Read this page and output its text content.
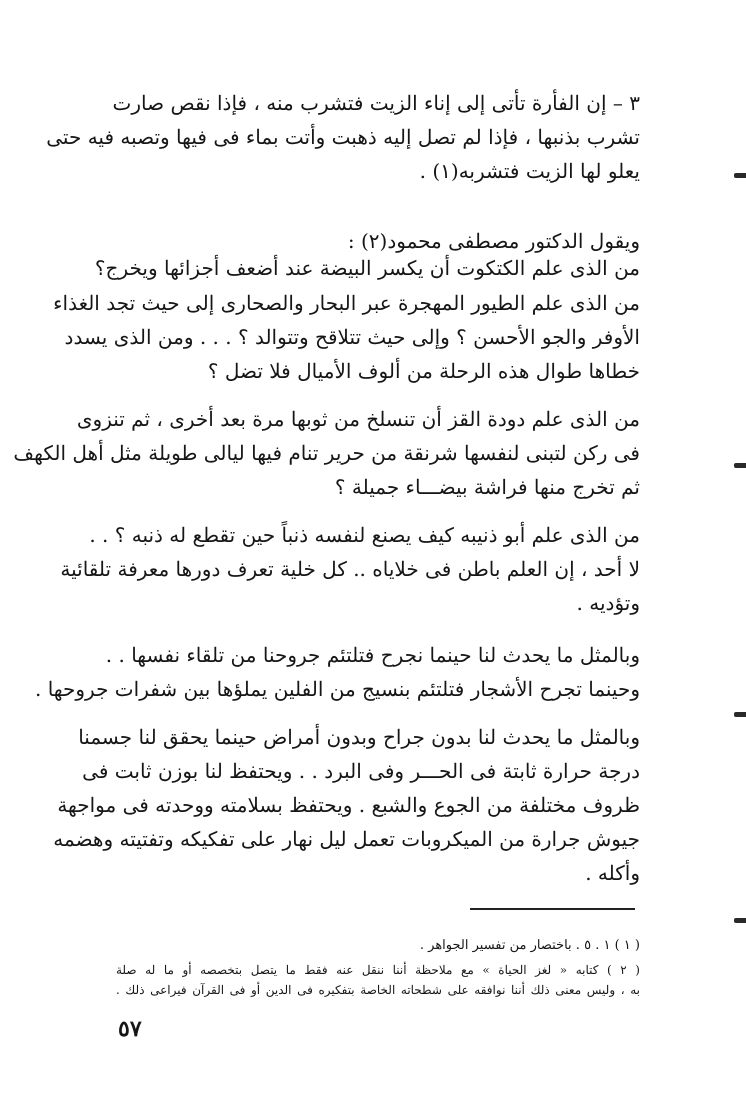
٣ – إن الفأرة تأتى إلى إناء الزيت فتشرب منه ، فإذا نقص صارت
تشرب بذنبها ، فإذا لم تصل إليه ذهبت وأتت بماء فى فيها وتصبه فيه حتى
يعلو لها الزيت فتشربه(١) .
ويقول الدكتور مصطفى محمود(٢) :
من الذى علم الكتكوت أن يكسر البيضة عند أضعف أجزائها ويخرج؟
من الذى علم الطيور المهجرة عبر البحار والصحارى إلى حيث تجد الغذاء
الأوفر والجو الأحسن ؟ وإلى حيث تتلاقح وتتوالد ؟ . . . ومن الذى يسدد
خطاها طوال هذه الرحلة من ألوف الأميال فلا تضل ؟
من الذى علم دودة القز أن تنسلخ من ثوبها مرة بعد أخرى ، ثم تنزوى
فى ركن لتبنى لنفسها شرنقة من حرير تنام فيها ليالى طويلة مثل أهل الكهف
ثم تخرج منها فراشة بيضـــاء جميلة ؟
من الذى علم أبو ذنيبه كيف يصنع لنفسه ذنباً حين تقطع له ذنبه ؟ . .
لا أحد ، إن العلم باطن فى خلاياه .. كل خلية تعرف دورها معرفة تلقائية
وتؤديه .
وبالمثل ما يحدث لنا حينما نجرح فتلتئم جروحنا من تلقاء نفسها . .
وحينما تجرح الأشجار فتلتئم بنسيج من الفلين يملؤها بين شفرات جروحها .
وبالمثل ما يحدث لنا بدون جراح وبدون أمراض حينما يحقق لنا جسمنا
درجة حرارة ثابتة فى الحـــر وفى البرد . . ويحتفظ لنا بوزن ثابت فى
ظروف مختلفة من الجوع والشبع . ويحتفظ بسلامته ووحدته فى مواجهة
جيوش جرارة من الميكروبات تعمل ليل نهار على تفكيكه وتفتيته وهضمه
وأكله .
( ١ ) ١ . ٥ . باختصار من تفسير الجواهر .
( ٢ ) كتابه « لغز الحياة » مع ملاحظة أننا ننقل عنه فقط ما يتصل بتخصصه أو ما له صلة
به ، وليس معنى ذلك أننا نوافقه على شطحاته الخاصة بتفكيره فى الدين أو فى القرآن فيراعى ذلك .
٥٧
